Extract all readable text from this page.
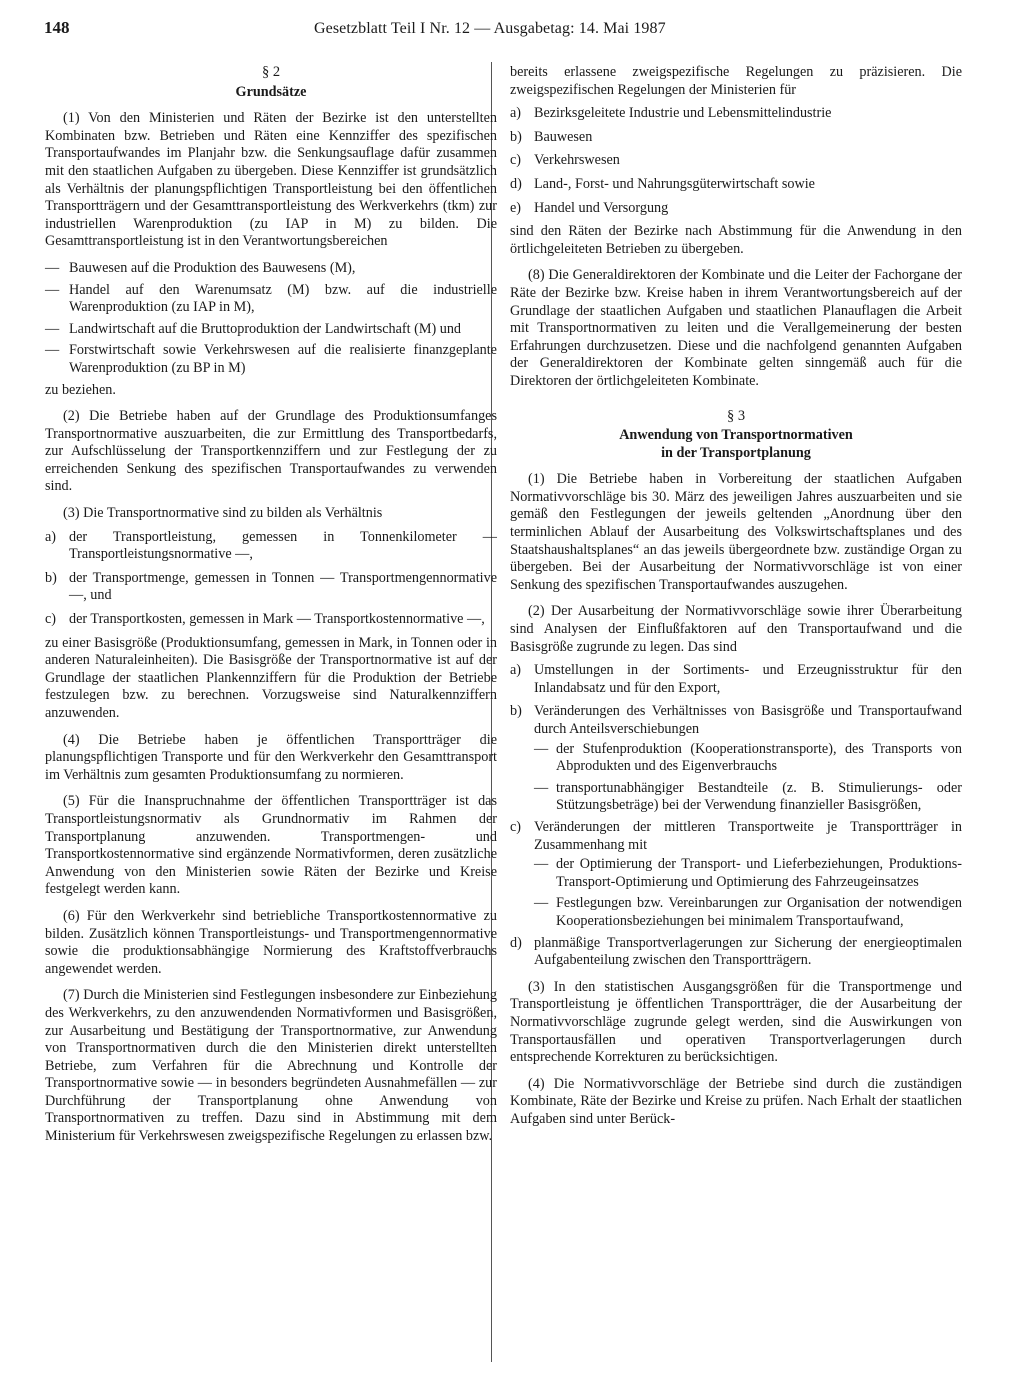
148	Gesetzblatt Teil I Nr. 12 — Ausgabetag: 14. Mai 1987
§ 2
Grundsätze

(1) Von den Ministerien und Räten der Bezirke ist den unterstellten Kombinaten bzw. Betrieben und Räten eine Kennziffer des spezifischen Transportaufwandes im Planjahr bzw. die Senkungsauflage dafür zusammen mit den staatlichen Aufgaben zu übergeben. Diese Kennziffer ist grundsätzlich als Verhältnis der planungspflichtigen Transportleistung bei den öffentlichen Transportträgern und der Gesamttransportleistung des Werkverkehrs (tkm) zur industriellen Warenproduktion (zu IAP in M) zu bilden. Die Gesamttransportleistung ist in den Verantwortungsbereichen

— Bauwesen auf die Produktion des Bauwesens (M),
— Handel auf den Warenumsatz (M) bzw. auf die industrielle Warenproduktion (zu IAP in M),
— Landwirtschaft auf die Bruttoproduktion der Landwirtschaft (M) und
— Forstwirtschaft sowie Verkehrswesen auf die realisierte finanzgeplante Warenproduktion (zu BP in M)

zu beziehen.

(2) Die Betriebe haben auf der Grundlage des Produktionsumfanges Transportnormative auszuarbeiten, die zur Ermittlung des Transportbedarfs, zur Aufschlüsselung der Transportkennziffern und zur Festlegung der zu erreichenden Senkung des spezifischen Transportaufwandes zu verwenden sind.

(3) Die Transportnormative sind zu bilden als Verhältnis

a) der Transportleistung, gemessen in Tonnenkilometer — Transportleistungsnormative —,
b) der Transportmenge, gemessen in Tonnen — Transportmengennormative —, und
c) der Transportkosten, gemessen in Mark — Transportkostennormative —,

zu einer Basisgröße (Produktionsumfang, gemessen in Mark, in Tonnen oder in anderen Naturaleinheiten). Die Basisgröße der Transportnormative ist auf der Grundlage der staatlichen Plankennziffern für die Produktion der Betriebe festzulegen bzw. zu berechnen. Vorzugsweise sind Naturalkennziffern anzuwenden.

(4) Die Betriebe haben je öffentlichen Transportträger die planungspflichtigen Transporte und für den Werkverkehr den Gesamttransport im Verhältnis zum gesamten Produktionsumfang zu normieren.

(5) Für die Inanspruchnahme der öffentlichen Transportträger ist das Transportleistungsnormativ als Grundnormativ im Rahmen der Transportplanung anzuwenden. Transportmengen- und Transportkostennormative sind ergänzende Normativformen, deren zusätzliche Anwendung von den Ministerien sowie Räten der Bezirke und Kreise festgelegt werden kann.

(6) Für den Werkverkehr sind betriebliche Transportkostennormative zu bilden. Zusätzlich können Transportleistungs- und Transportmengennormative sowie die produktionsabhängige Normierung des Kraftstoffverbrauchs angewendet werden.

(7) Durch die Ministerien sind Festlegungen insbesondere zur Einbeziehung des Werkverkehrs, zu den anzuwendenden Normativformen und Basisgrößen, zur Ausarbeitung und Bestätigung der Transportnormative, zur Anwendung von Transportnormativen durch die den Ministerien direkt unterstellten Betriebe, zum Verfahren für die Abrechnung und Kontrolle der Transportnormative sowie — in besonders begründeten Ausnahmefällen — zur Durchführung der Transportplanung ohne Anwendung von Transportnormativen zu treffen. Dazu sind in Abstimmung mit dem Ministerium für Verkehrswesen zweigspezifische Regelungen zu erlassen bzw.

bereits erlassene zweigspezifische Regelungen zu präzisieren. Die zweigspezifischen Regelungen der Ministerien für

a) Bezirksgeleitete Industrie und Lebensmittelindustrie
b) Bauwesen
c) Verkehrswesen
d) Land-, Forst- und Nahrungsgüterwirtschaft sowie
e) Handel und Versorgung

sind den Räten der Bezirke nach Abstimmung für die Anwendung in den örtlichgeleiteten Betrieben zu übergeben.

(8) Die Generaldirektoren der Kombinate und die Leiter der Fachorgane der Räte der Bezirke bzw. Kreise haben in ihrem Verantwortungsbereich auf der Grundlage der staatlichen Aufgaben und staatlichen Planauflagen die Arbeit mit Transportnormativen zu leiten und die Verallgemeinerung der besten Erfahrungen durchzusetzen. Diese und die nachfolgend genannten Aufgaben der Generaldirektoren der Kombinate gelten sinngemäß auch für die Direktoren der örtlichgeleiteten Kombinate.

§ 3
Anwendung von Transportnormativen
in der Transportplanung

(1) Die Betriebe haben in Vorbereitung der staatlichen Aufgaben Normativvorschläge bis 30. März des jeweiligen Jahres auszuarbeiten und sie gemäß den Festlegungen der jeweils geltenden „Anordnung über den terminlichen Ablauf der Ausarbeitung des Volkswirtschaftsplanes und des Staatshaushaltsplanes“ an das jeweils übergeordnete bzw. zuständige Organ zu übergeben. Bei der Ausarbeitung der Normativvorschläge ist von einer Senkung des spezifischen Transportaufwandes auszugehen.

(2) Der Ausarbeitung der Normativvorschläge sowie ihrer Überarbeitung sind Analysen der Einflußfaktoren auf den Transportaufwand und die Basisgröße zugrunde zu legen. Das sind

a) Umstellungen in der Sortiments- und Erzeugnisstruktur für den Inlandabsatz und für den Export,
b) Veränderungen des Verhältnisses von Basisgröße und Transportaufwand durch Anteilsverschiebungen
— der Stufenproduktion (Kooperationstransporte), des Transports von Abprodukten und des Eigenverbrauchs
— transportunabhängiger Bestandteile (z. B. Stimulierungs- oder Stützungsbeträge) bei der Verwendung finanzieller Basisgrößen,
c) Veränderungen der mittleren Transportweite je Transportträger in Zusammenhang mit
— der Optimierung der Transport- und Lieferbeziehungen, Produktions-Transport-Optimierung und Optimierung des Fahrzeugeinsatzes
— Festlegungen bzw. Vereinbarungen zur Organisation der notwendigen Kooperationsbeziehungen bei minimalem Transportaufwand,
d) planmäßige Transportverlagerungen zur Sicherung der energieoptimalen Aufgabenteilung zwischen den Transportträgern.

(3) In den statistischen Ausgangsgrößen für die Transportmenge und Transportleistung je öffentlichen Transportträger, die der Ausarbeitung der Normativvorschläge zugrunde gelegt werden, sind die Auswirkungen von Transportausfällen und operativen Transportverlagerungen durch entsprechende Korrekturen zu berücksichtigen.

(4) Die Normativvorschläge der Betriebe sind durch die zuständigen Kombinate, Räte der Bezirke und Kreise zu prüfen. Nach Erhalt der staatlichen Aufgaben sind unter Berück-
